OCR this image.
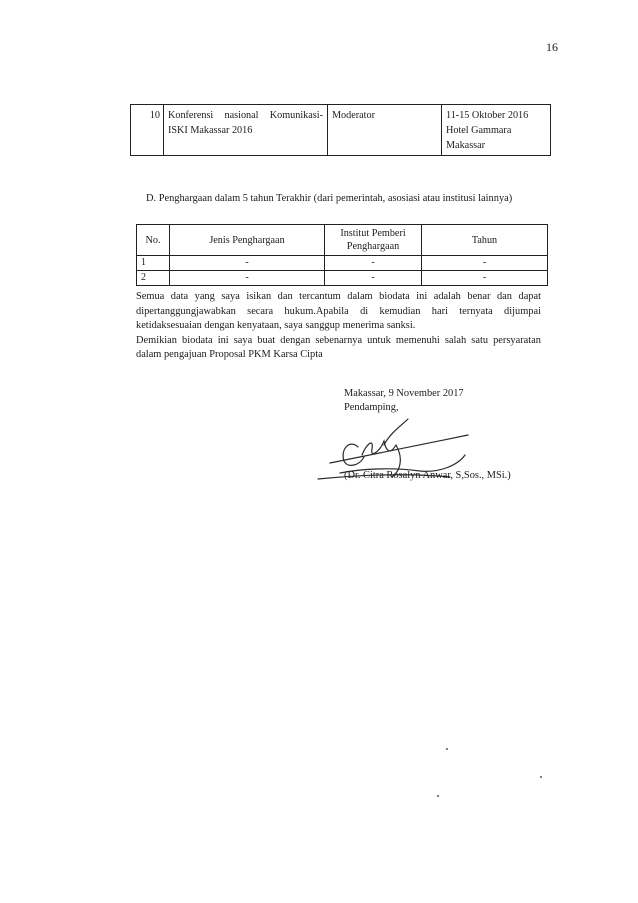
16
10	Konferensi nasional Komunikasi-ISKI Makassar 2016	Moderator	11-15 Oktober 2016 Hotel Gammara Makassar
D. Penghargaan dalam 5 tahun Terakhir (dari pemerintah, asosiasi atau institusi lainnya)
No.	Jenis Penghargaan	Institut Pemberi Penghargaan	Tahun
1	-	-	-
2	-	-	-

Semua data yang saya isikan dan tercantum dalam biodata ini adalah benar dan dapat dipertanggungjawabkan secara hukum.Apabila di kemudian hari ternyata dijumpai ketidaksesuaian dengan kenyataan, saya sanggup menerima sanksi.

Demikian biodata ini saya buat dengan sebenarnya untuk memenuhi salah satu persyaratan dalam pengajuan Proposal PKM Karsa Cipta

Makassar, 9 November 2017
Pendamping,
(Dr. Citra Rosalyn Anwar, S,Sos., MSi.)
